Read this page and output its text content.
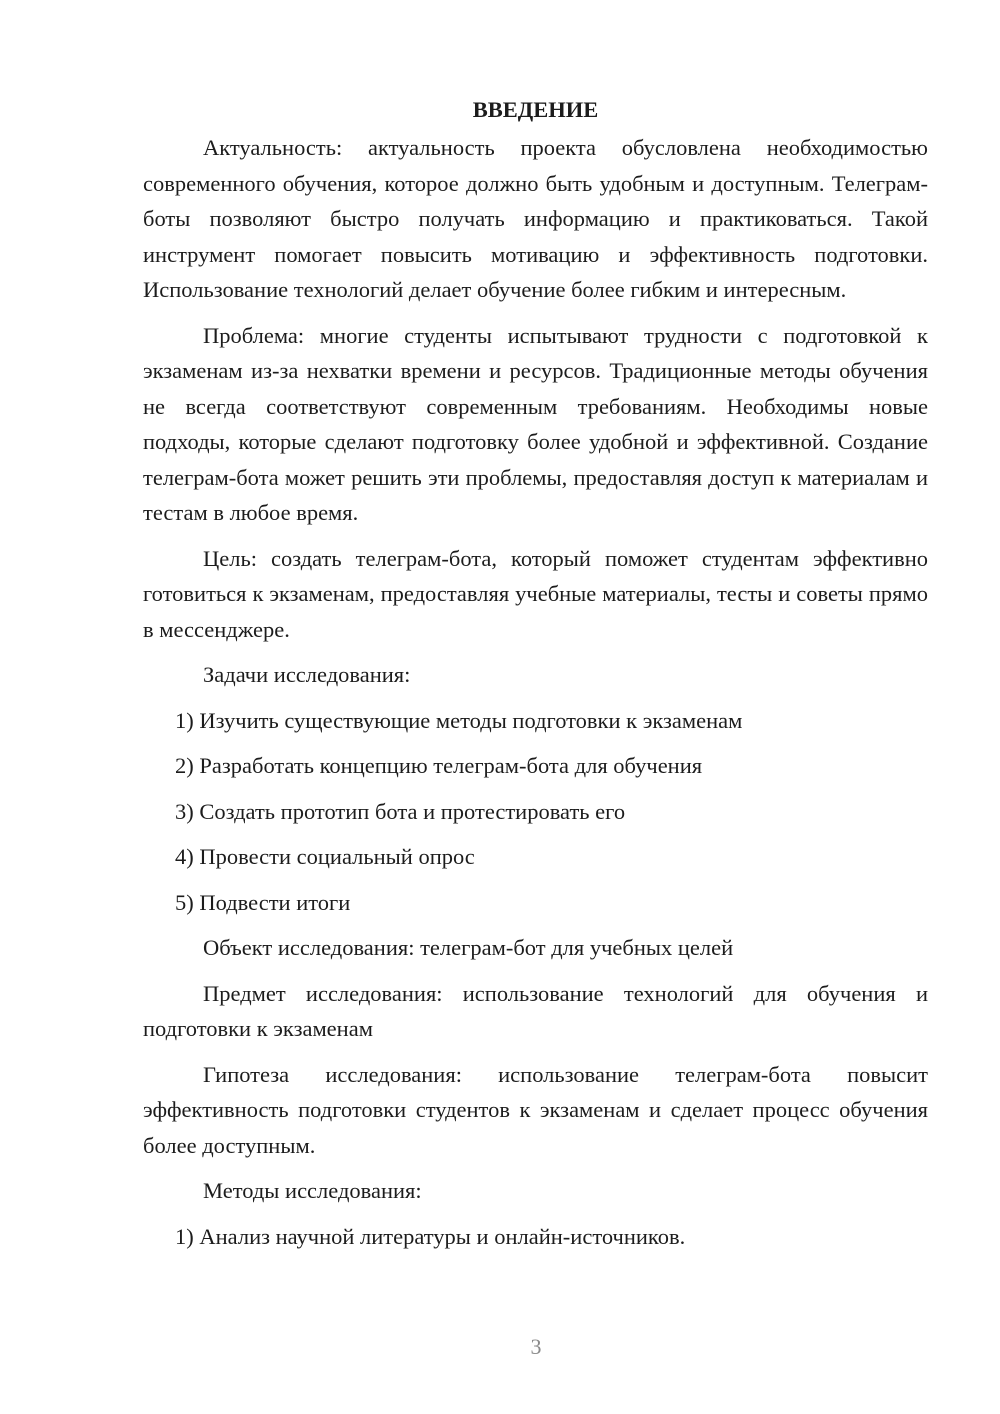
ВВЕДЕНИЕ

Актуальность: актуальность проекта обусловлена необходимостью современного обучения, которое должно быть удобным и доступным. Телеграм-боты позволяют быстро получать информацию и практиковаться. Такой инструмент помогает повысить мотивацию и эффективность подготовки. Использование технологий делает обучение более гибким и интересным.

Проблема: многие студенты испытывают трудности с подготовкой к экзаменам из-за нехватки времени и ресурсов. Традиционные методы обучения не всегда соответствуют современным требованиям. Необходимы новые подходы, которые сделают подготовку более удобной и эффективной. Создание телеграм-бота может решить эти проблемы, предоставляя доступ к материалам и тестам в любое время.

Цель: создать телеграм-бота, который поможет студентам эффективно готовиться к экзаменам, предоставляя учебные материалы, тесты и советы прямо в мессенджере.

Задачи исследования:
1) Изучить существующие методы подготовки к экзаменам
2) Разработать концепцию телеграм-бота для обучения
3) Создать прототип бота и протестировать его
4) Провести социальный опрос
5) Подвести итоги
Объект исследования: телеграм-бот для учебных целей

Предмет исследования: использование технологий для обучения и подготовки к экзаменам

Гипотеза исследования: использование телеграм-бота повысит эффективность подготовки студентов к экзаменам и сделает процесс обучения более доступным.

Методы исследования:
1) Анализ научной литературы и онлайн-источников.
3
